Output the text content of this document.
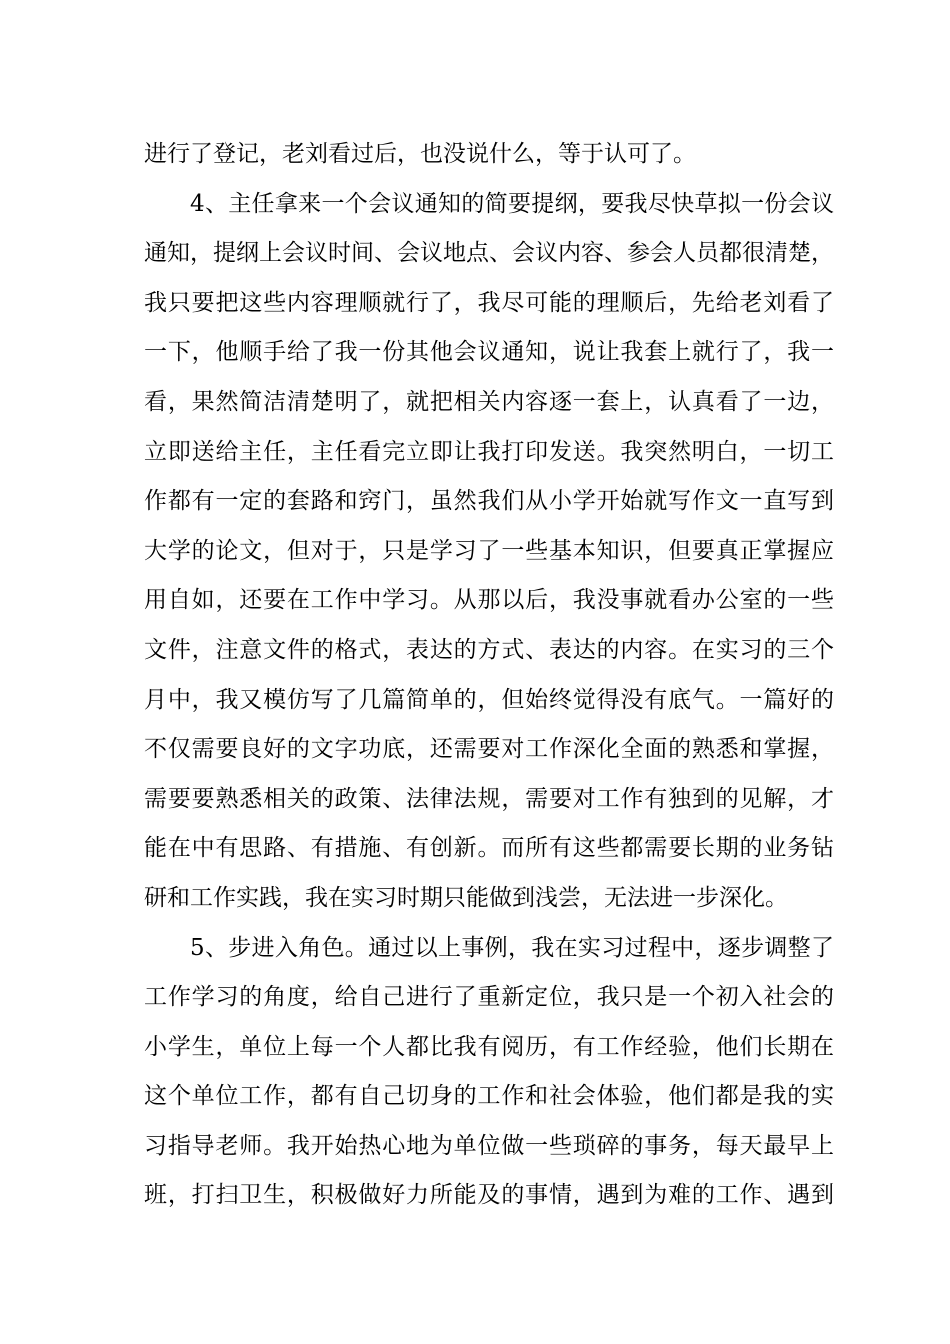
进行了登记，老刘看过后，也没说什么，等于认可了。
4、主任拿来一个会议通知的简要提纲，要我尽快草拟一份会议
通知，提纲上会议时间、会议地点、会议内容、参会人员都很清楚，
我只要把这些内容理顺就行了，我尽可能的理顺后，先给老刘看了
一下，他顺手给了我一份其他会议通知，说让我套上就行了，我一
看，果然简洁清楚明了，就把相关内容逐一套上，认真看了一边，
立即送给主任，主任看完立即让我打印发送。我突然明白，一切工
作都有一定的套路和窍门，虽然我们从小学开始就写作文一直写到
大学的论文，但对于，只是学习了一些基本知识，但要真正掌握应
用自如，还要在工作中学习。从那以后，我没事就看办公室的一些
文件，注意文件的格式，表达的方式、表达的内容。在实习的三个
月中，我又模仿写了几篇简单的，但始终觉得没有底气。一篇好的
不仅需要良好的文字功底，还需要对工作深化全面的熟悉和掌握，
需要要熟悉相关的政策、法律法规，需要对工作有独到的见解，才
能在中有思路、有措施、有创新。而所有这些都需要长期的业务钻
研和工作实践，我在实习时期只能做到浅尝，无法进一步深化。
5、步进入角色。通过以上事例，我在实习过程中，逐步调整了
工作学习的角度，给自己进行了重新定位，我只是一个初入社会的
小学生，单位上每一个人都比我有阅历，有工作经验，他们长期在
这个单位工作，都有自己切身的工作和社会体验，他们都是我的实
习指导老师。我开始热心地为单位做一些琐碎的事务，每天最早上
班，打扫卫生，积极做好力所能及的事情，遇到为难的工作、遇到
